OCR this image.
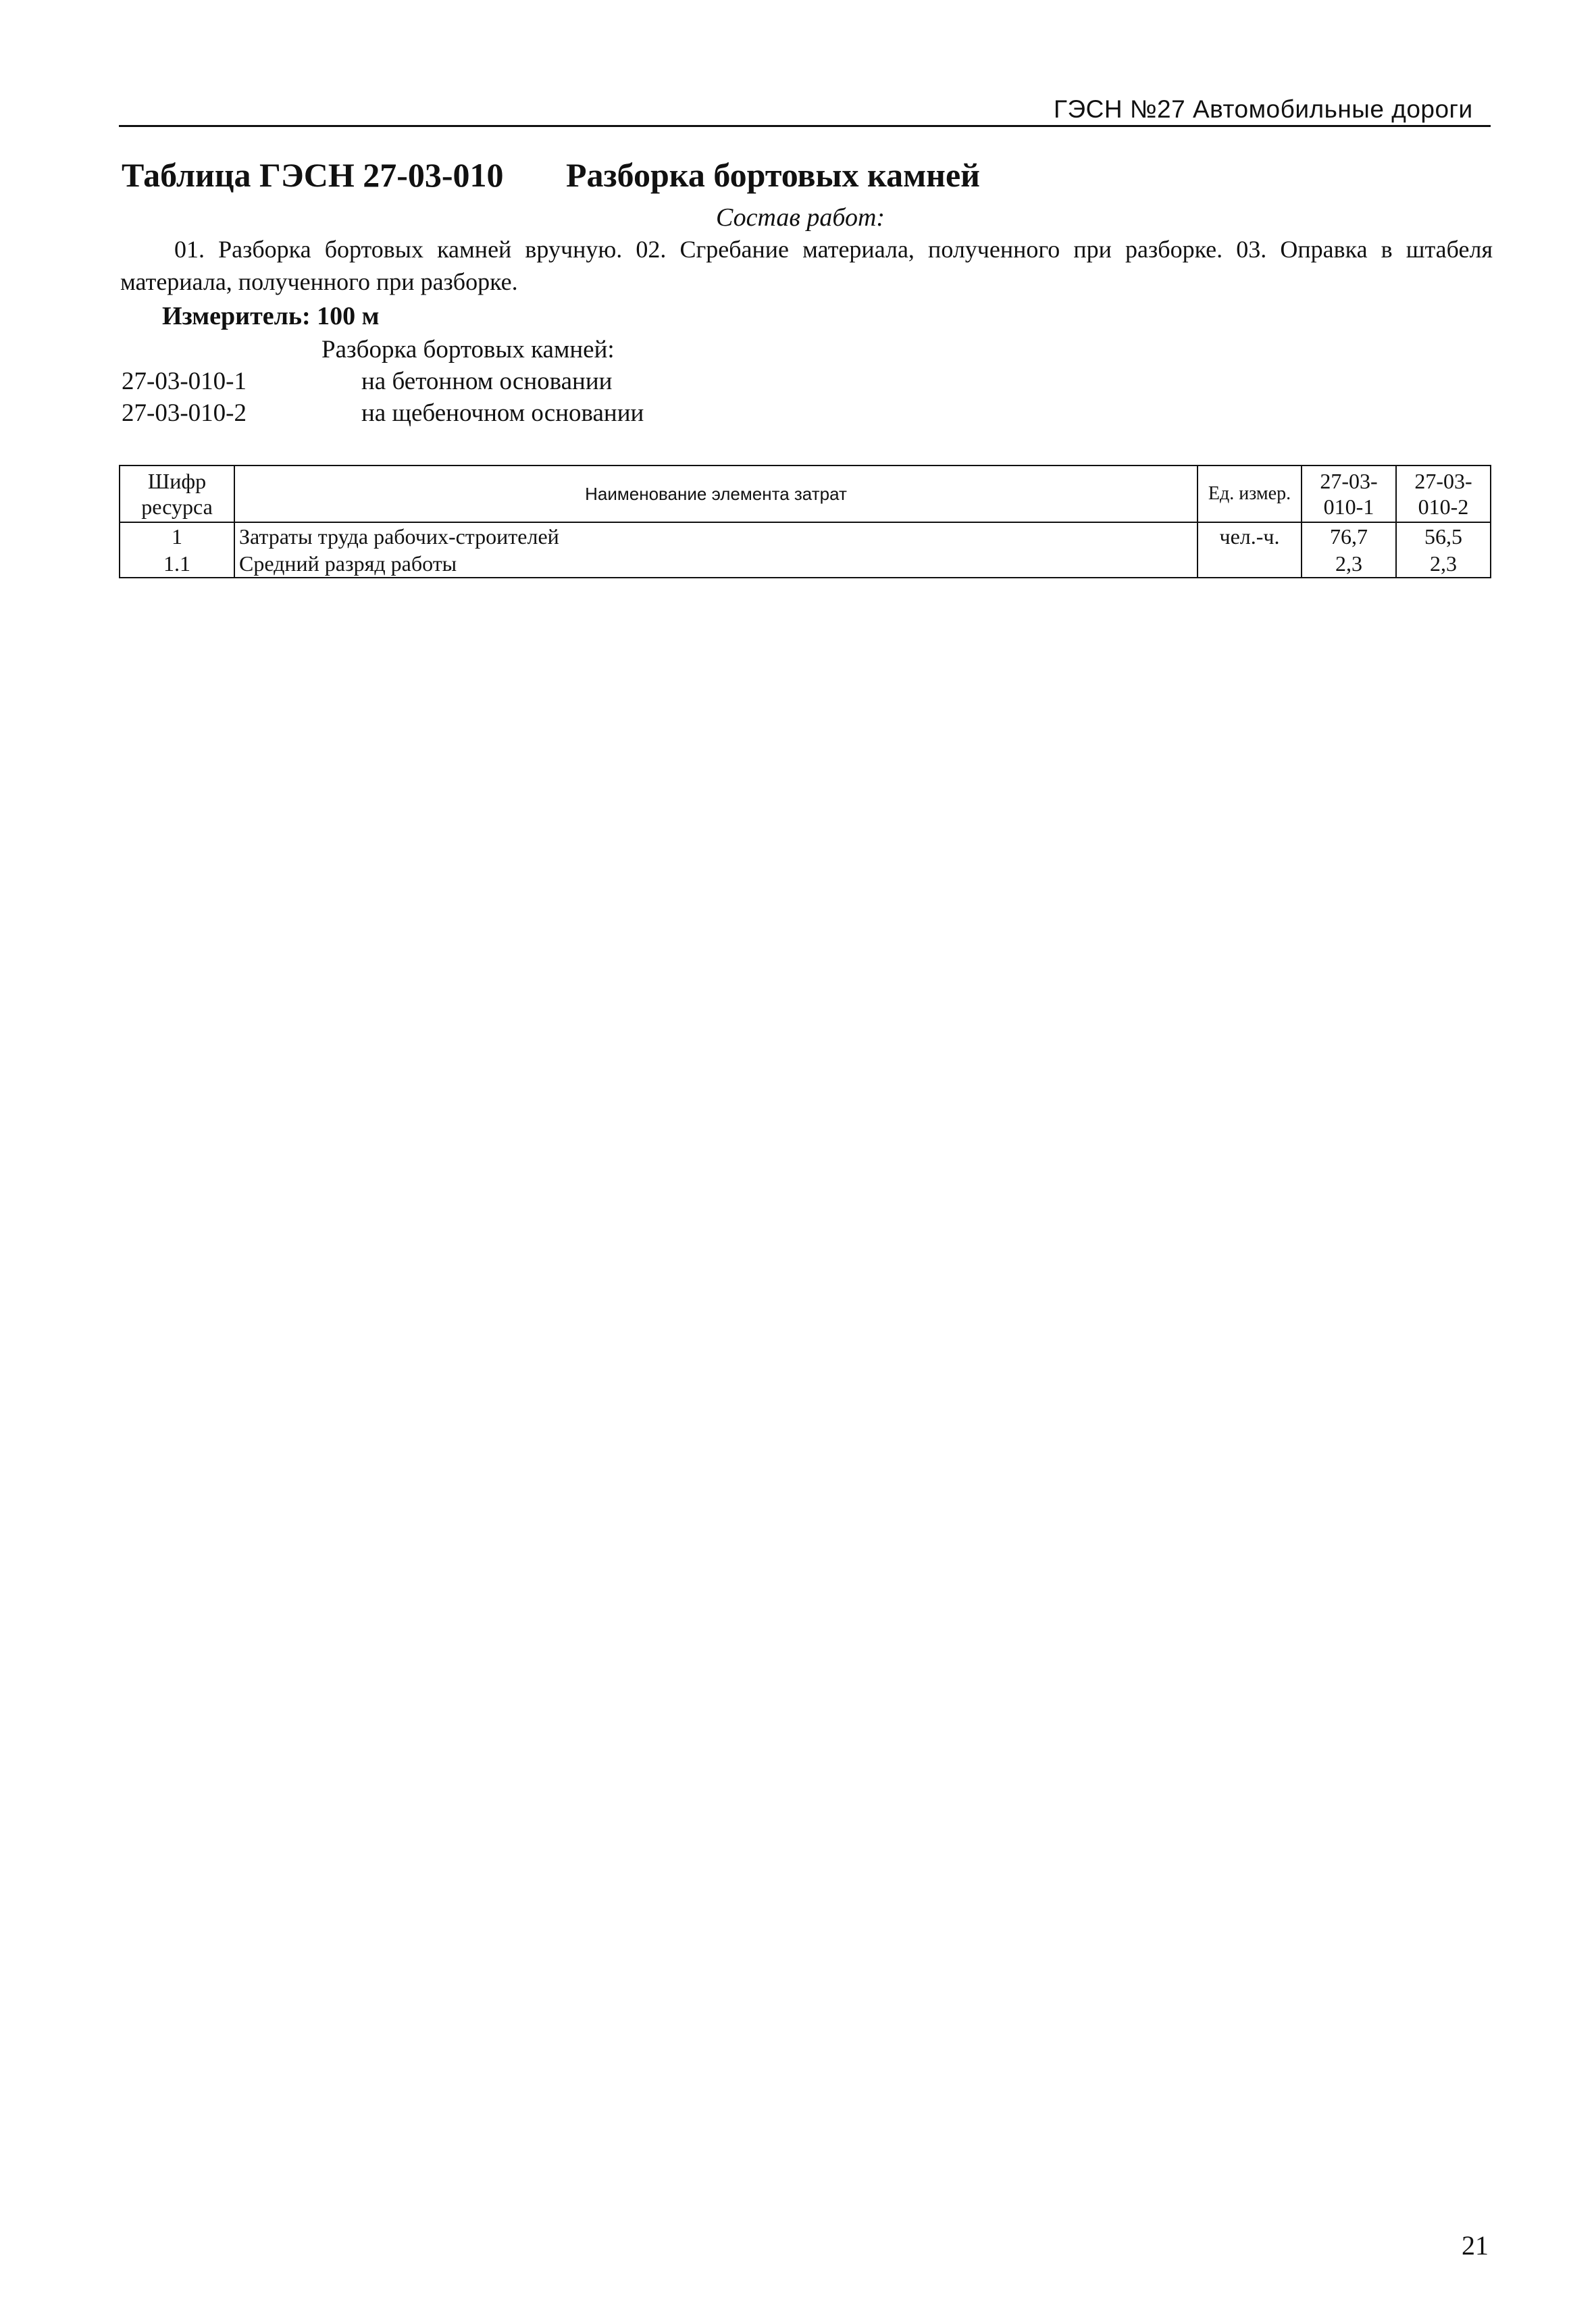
ГЭСН №27 Автомобильные дороги
Таблица ГЭСН 27-03-010 Разборка бортовых камней
Состав работ:
01. Разборка бортовых камней вручную. 02. Сгребание материала, полученного при разборке. 03. Оправка в штабеля материала, полученного при разборке.
Измеритель: 100 м
Разборка бортовых камней:
27-03-010-1	на бетонном основании
27-03-010-2	на щебеночном основании
Шифр ресурса	Наименование элемента затрат	Ед. измер.	27-03-010-1	27-03-010-2
1	Затраты труда рабочих-строителей	чел.-ч.	76,7	56,5
1.1	Средний разряд работы		2,3	2,3
21
